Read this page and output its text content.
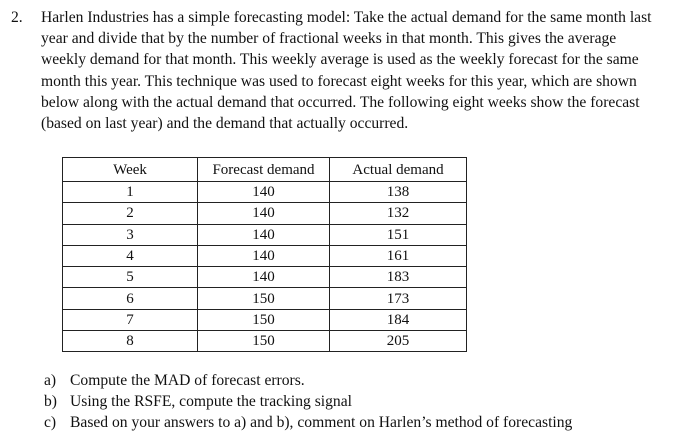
2.	Harlen Industries has a simple forecasting model: Take the actual demand for the same month last
year and divide that by the number of fractional weeks in that month. This gives the average
weekly demand for that month. This weekly average is used as the weekly forecast for the same
month this year. This technique was used to forecast eight weeks for this year, which are shown
below along with the actual demand that occurred. The following eight weeks show the forecast
(based on last year) and the demand that actually occurred.
Week	Forecast demand	Actual demand
1	140	138
2	140	132
3	140	151
4	140	161
5	140	183
6	150	173
7	150	184
8	150	205
a) Compute the MAD of forecast errors.
b) Using the RSFE, compute the tracking signal
c) Based on your answers to a) and b), comment on Harlen’s method of forecasting
